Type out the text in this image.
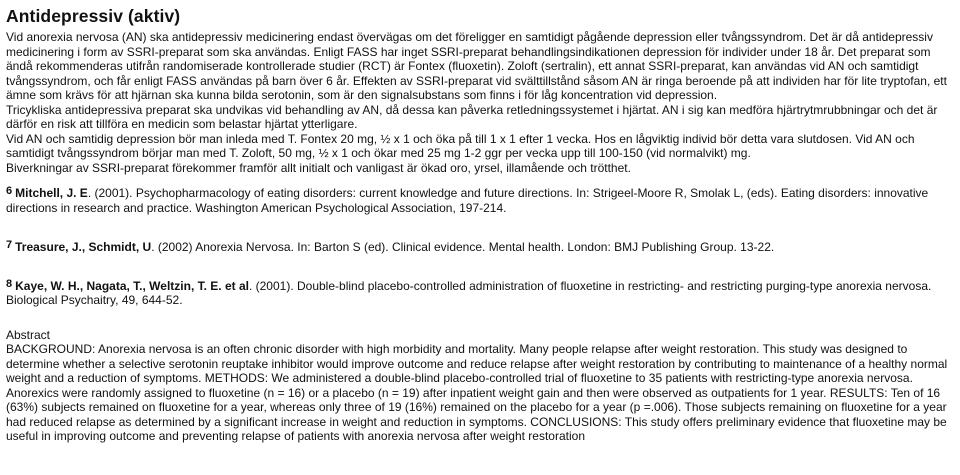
Antidepressiv (aktiv)

Vid anorexia nervosa (AN) ska antidepressiv medicinering endast övervägas om det föreligger en samtidigt pågående depression eller tvångssyndrom. Det är då antidepressiv medicinering i form av SSRI-preparat som ska användas. Enligt FASS har inget SSRI-preparat behandlingsindikationen depression för individer under 18 år. Det preparat som ändå rekommenderas utifrån randomiserade kontrollerade studier (RCT) är Fontex (fluoxetin). Zoloft (sertralin), ett annat SSRI-preparat, kan användas vid AN och samtidigt tvångssyndrom, och får enligt FASS användas på barn över 6 år. Effekten av SSRI-preparat vid svälttillstånd såsom AN är ringa beroende på att individen har för lite tryptofan, ett ämne som krävs för att hjärnan ska kunna bilda serotonin, som är den signalsubstans som finns i för låg koncentration vid depression.

Tricykliska antidepressiva preparat ska undvikas vid behandling av AN, då dessa kan påverka retledningssystemet i hjärtat. AN i sig kan medföra hjärtrytmrubbningar och det är därför en risk att tillföra en medicin som belastar hjärtat ytterligare.

Vid AN och samtidig depression bör man inleda med T. Fontex 20 mg, ½ x 1 och öka på till 1 x 1 efter 1 vecka. Hos en lågviktig individ bör detta vara slutdosen. Vid AN och samtidigt tvångssyndrom börjar man med T. Zoloft, 50 mg, ½ x 1 och ökar med 25 mg 1-2 ggr per vecka upp till 100-150 (vid normalvikt) mg.

Biverkningar av SSRI-preparat förekommer framför allt initialt och vanligast är ökad oro, yrsel, illamående och trötthet.

$^6$ Mitchell, J. E. (2001). Psychopharmacology of eating disorders: current knowledge and future directions. In: Strigeel-Moore R, Smolak L, (eds). Eating disorders: innovative directions in research and practice. Washington American Psychological Association, 197-214.
$^7$ Treasure, J., Schmidt, U. (2002) Anorexia Nervosa. In: Barton S (ed). Clinical evidence. Mental health. London: BMJ Publishing Group. 13-22.
$^8$ Kaye, W. H., Nagata, T., Weltzin, T. E. et al. (2001). Double-blind placebo-controlled administration of fluoxetine in restricting- and restricting purging-type anorexia nervosa. Biological Psychaitry, 49, 644-52.
Abstract
BACKGROUND: Anorexia nervosa is an often chronic disorder with high morbidity and mortality. Many people relapse after weight restoration. This study was designed to determine whether a selective serotonin reuptake inhibitor would improve outcome and reduce relapse after weight restoration by contributing to maintenance of a healthy normal weight and a reduction of symptoms. METHODS: We administered a double-blind placebo-controlled trial of fluoxetine to 35 patients with restricting-type anorexia nervosa. Anorexics were randomly assigned to fluoxetine (n = 16) or a placebo (n = 19) after inpatient weight gain and then were observed as outpatients for 1 year. RESULTS: Ten of 16 (63%) subjects remained on fluoxetine for a year, whereas only three of 19 (16%) remained on the placebo for a year (p =.006). Those subjects remaining on fluoxetine for a year had reduced relapse as determined by a significant increase in weight and reduction in symptoms. CONCLUSIONS: This study offers preliminary evidence that fluoxetine may be useful in improving outcome and preventing relapse of patients with anorexia nervosa after weight restoration
